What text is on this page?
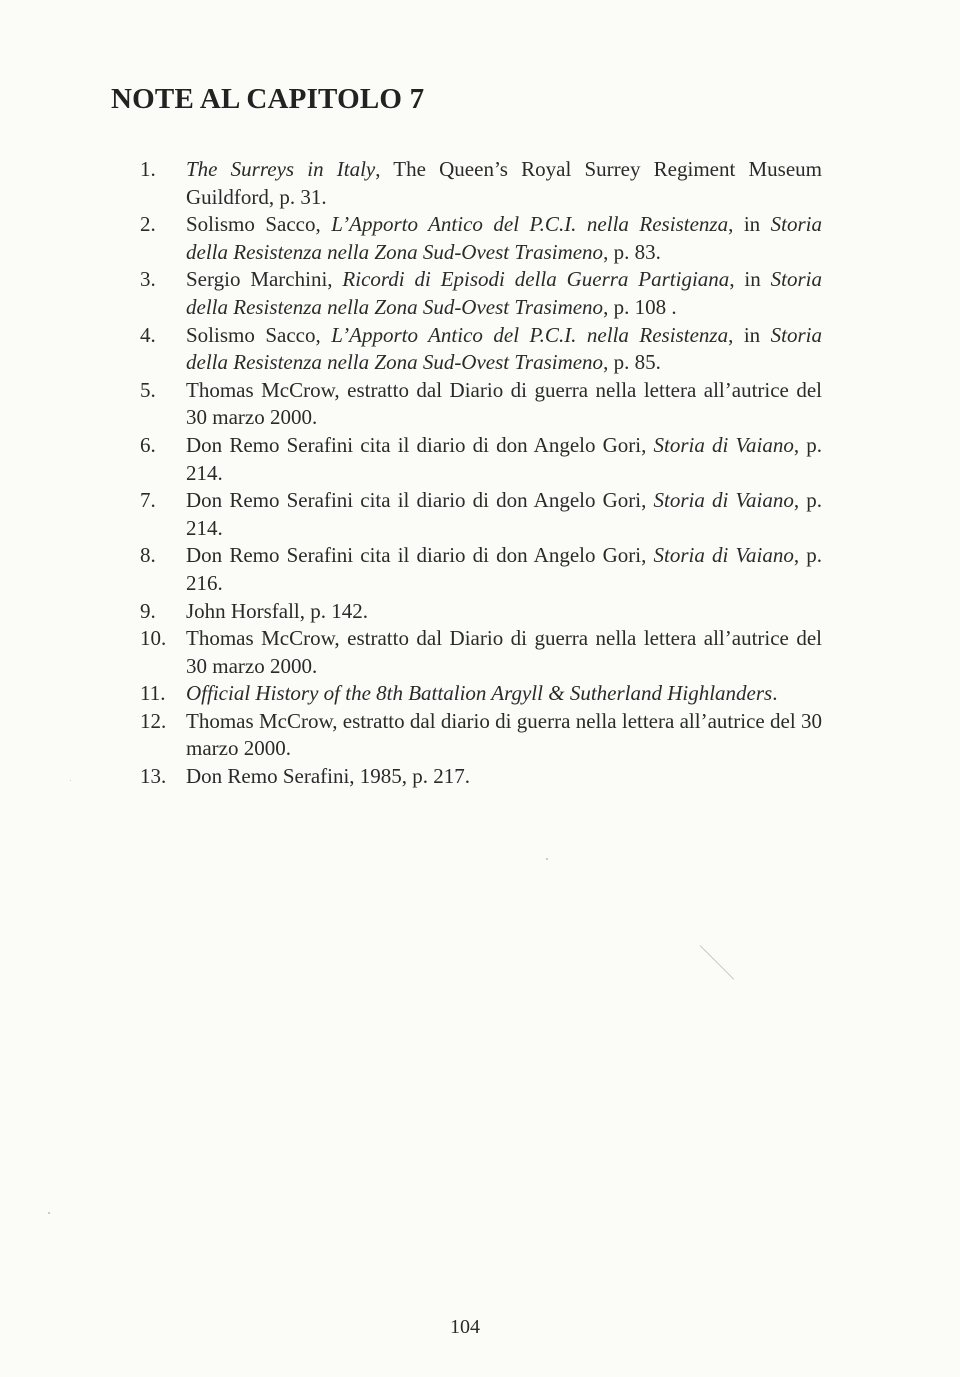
NOTE AL CAPITOLO 7
1.	The Surreys in Italy, The Queen’s Royal Surrey Regiment Museum Guildford, p. 31.
2.	Solismo Sacco, L’Apporto Antico del P.C.I. nella Resistenza, in Storia della Resistenza nella Zona Sud-Ovest Trasimeno, p. 83.
3.	Sergio Marchini, Ricordi di Episodi della Guerra Partigiana, in Storia della Resistenza nella Zona Sud-Ovest Trasimeno, p. 108 .
4.	Solismo Sacco, L’Apporto Antico del P.C.I. nella Resistenza, in Storia della Resistenza nella Zona Sud-Ovest Trasimeno, p. 85.
5.	Thomas McCrow, estratto dal Diario di guerra nella lettera all’autrice del 30 marzo 2000.
6.	Don Remo Serafini cita il diario di don Angelo Gori, Storia di Vaiano, p. 214.
7.	Don Remo Serafini cita il diario di don Angelo Gori, Storia di Vaiano, p. 214.
8.	Don Remo Serafini cita il diario di don Angelo Gori, Storia di Vaiano, p. 216.
9.	John Horsfall, p. 142.
10. Thomas McCrow, estratto dal Diario di guerra nella lettera all’autrice del 30 marzo 2000.
11. Official History of the 8th Battalion Argyll & Sutherland Highlanders.
12. Thomas McCrow, estratto dal diario di guerra nella lettera all’autrice del 30 marzo 2000.
13. Don Remo Serafini, 1985, p. 217.
104
